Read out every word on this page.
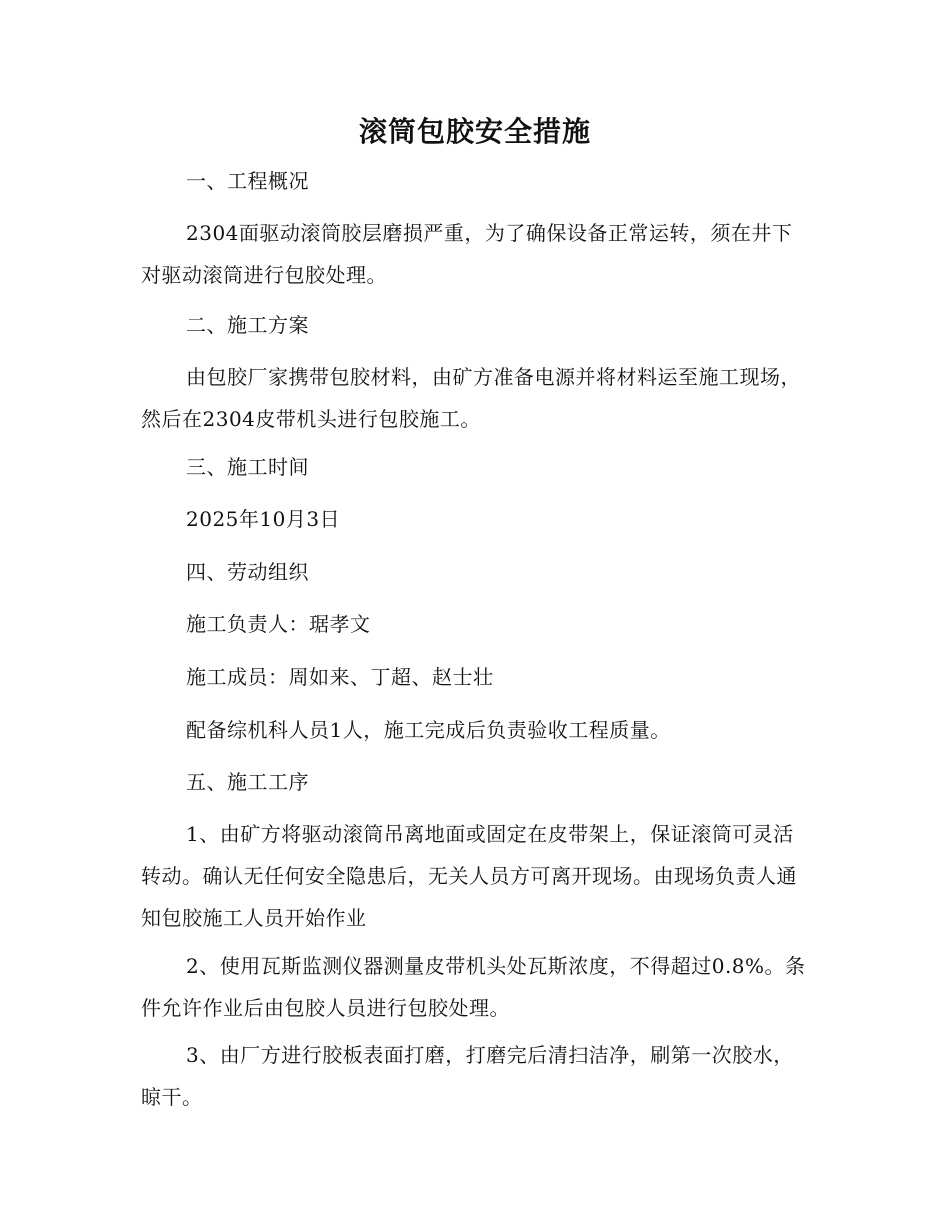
滚筒包胶安全措施
一、工程概况
2304面驱动滚筒胶层磨损严重，为了确保设备正常运转，须在井下对驱动滚筒进行包胶处理。
二、施工方案
由包胶厂家携带包胶材料，由矿方准备电源并将材料运至施工现场，然后在2304皮带机头进行包胶施工。
三、施工时间
2025年10月3日
四、劳动组织
施工负责人：琚孝文
施工成员：周如来、丁超、赵士壮
配备综机科人员1人，施工完成后负责验收工程质量。
五、施工工序
1、由矿方将驱动滚筒吊离地面或固定在皮带架上，保证滚筒可灵活转动。确认无任何安全隐患后，无关人员方可离开现场。由现场负责人通知包胶施工人员开始作业
2、使用瓦斯监测仪器测量皮带机头处瓦斯浓度，不得超过0.8%。条件允许作业后由包胶人员进行包胶处理。
3、由厂方进行胶板表面打磨，打磨完后清扫洁净，刷第一次胶水，晾干。
